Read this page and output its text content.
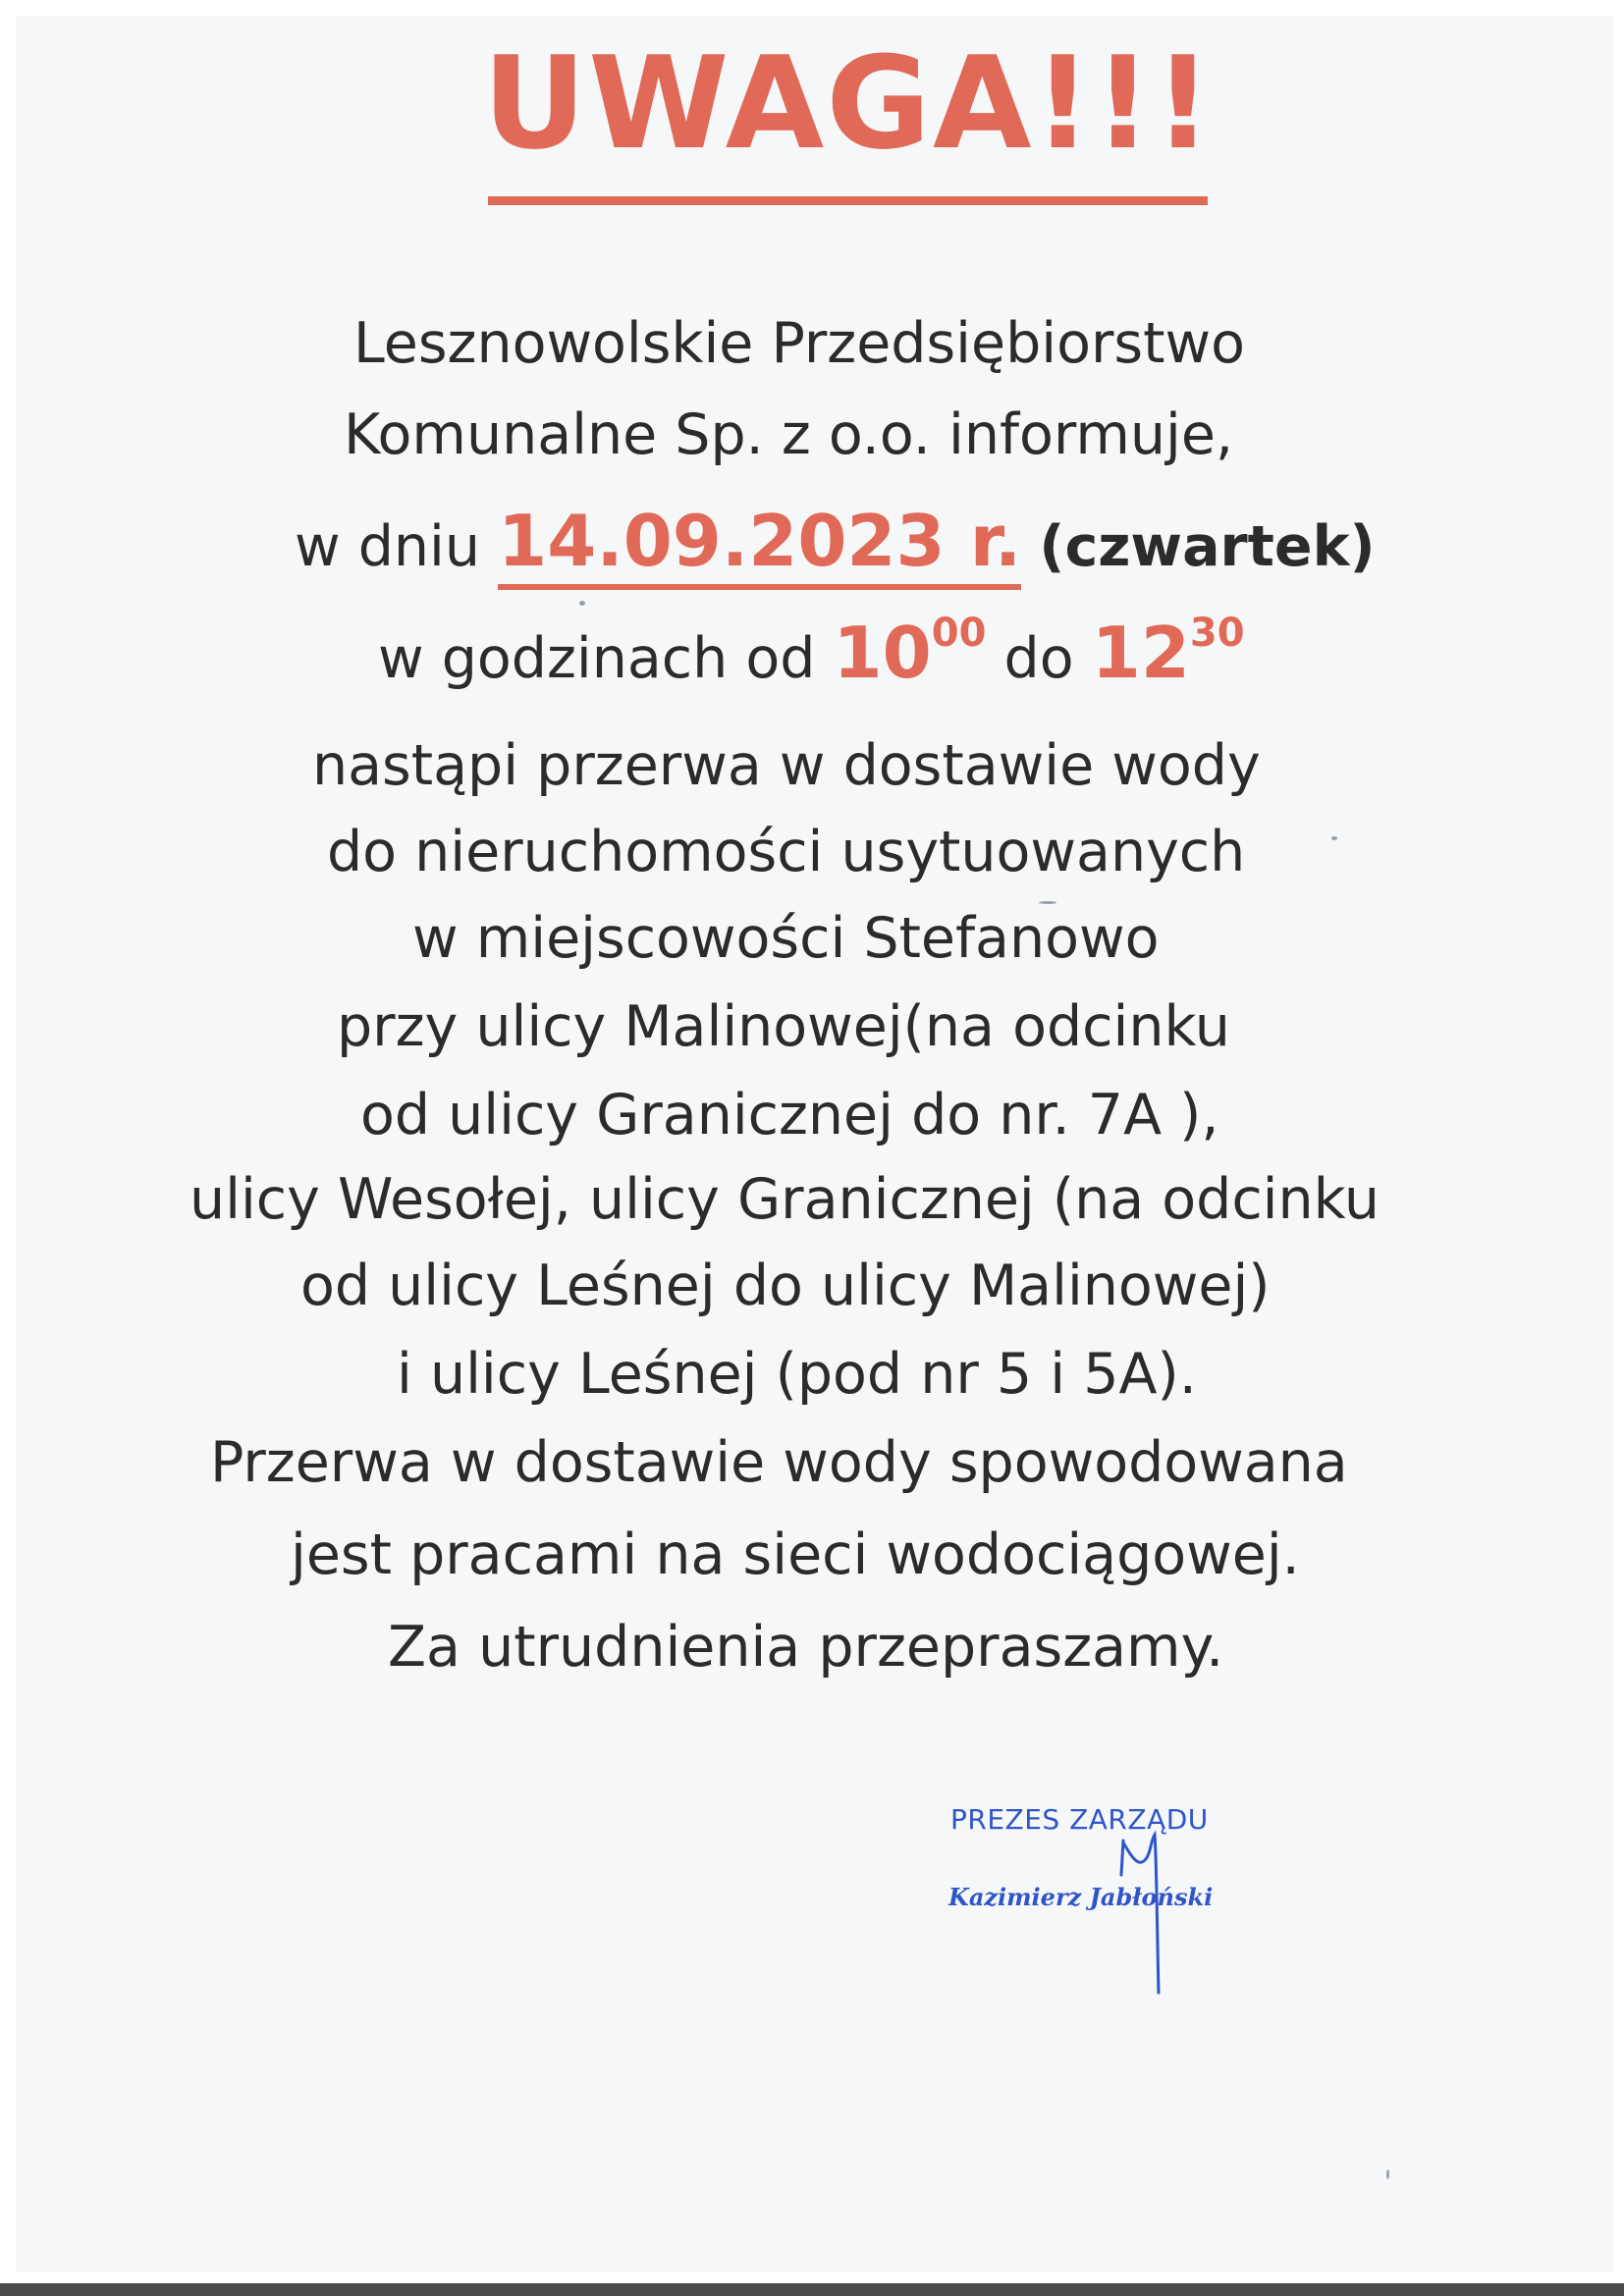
UWAGA!!!
Lesznowolskie Przedsiębiorstwo
Komunalne Sp. z o.o. informuje,
w dniu 14.09.2023 r. (czwartek)
w godzinach od $10^{00}$ do $12^{30}$
nastąpi przerwa w dostawie wody
do nieruchomości usytuowanych
w miejscowości Stefanowo
przy ulicy Malinowej(na odcinku
od ulicy Granicznej do nr. 7A ),
ulicy Wesołej, ulicy Granicznej (na odcinku
od ulicy Leśnej do ulicy Malinowej)
i ulicy Leśnej (pod nr 5 i 5A).
Przerwa w dostawie wody spowodowana
jest pracami na sieci wodociągowej.
Za utrudnienia przepraszamy.
PREZES ZARZĄDU
Kazimierz Jabłoński
